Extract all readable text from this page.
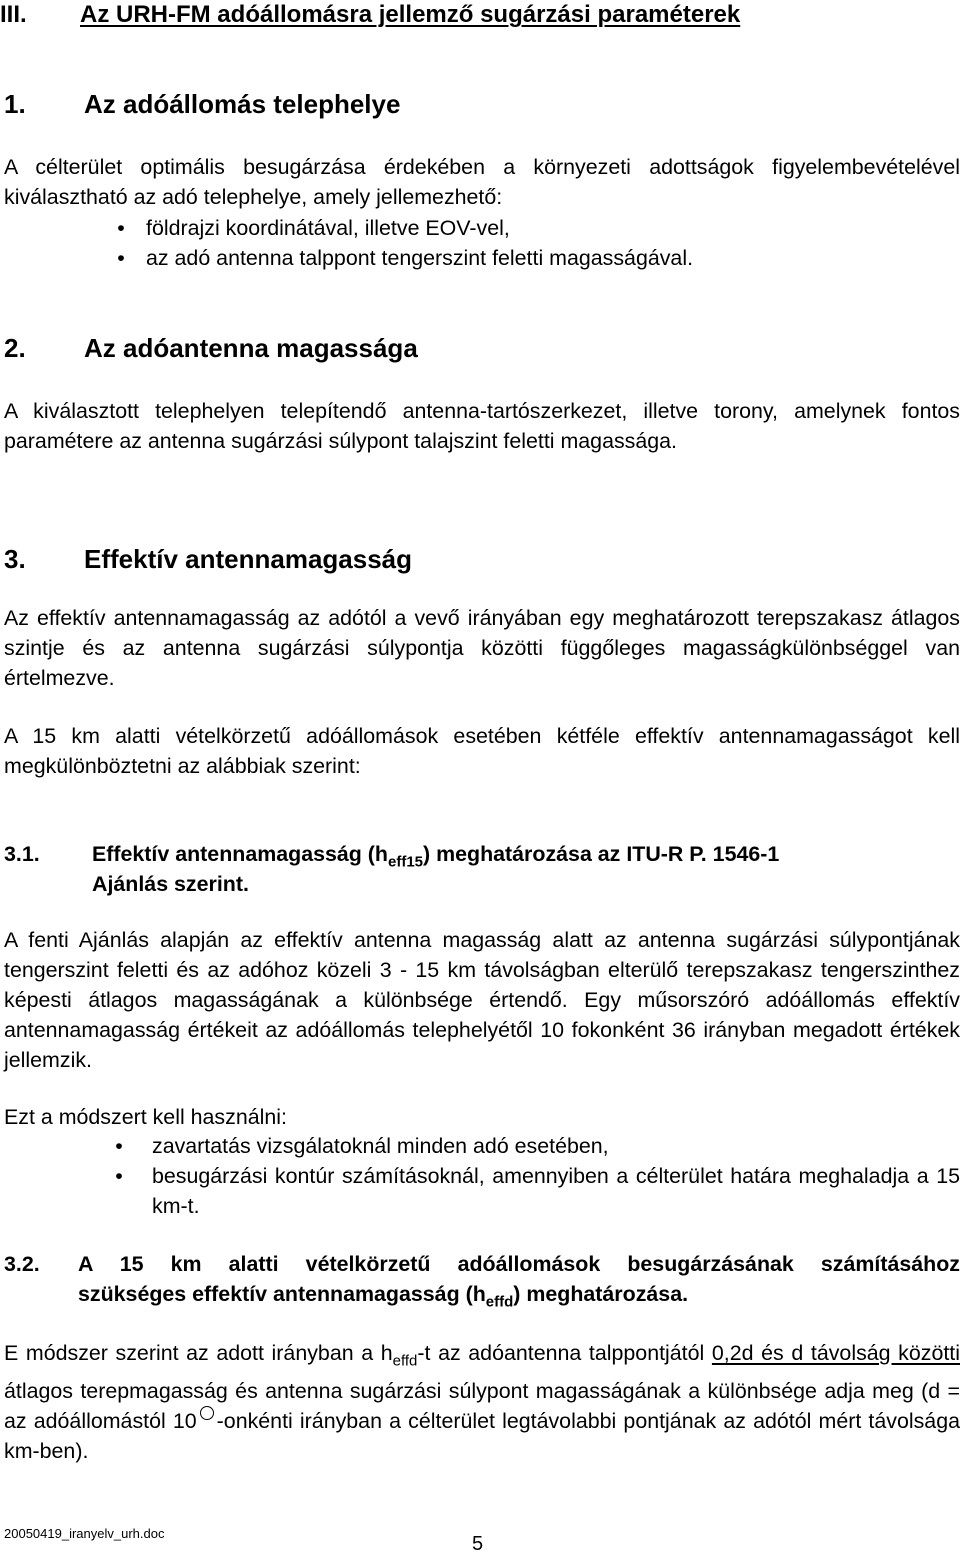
III. Az URH-FM adóállomásra jellemző sugárzási paraméterek
1. Az adóállomás telephelye
A célterület optimális besugárzása érdekében a környezeti adottságok figyelembevételével kiválasztható az adó telephelye, amely jellemezhető:
• földrajzi koordinátával, illetve EOV-vel,
• az adó antenna talppont tengerszint feletti magasságával.
2. Az adóantenna magassága
A kiválasztott telephelyen telepítendő antenna-tartószerkezet, illetve torony, amelynek fontos paramétere az antenna sugárzási súlypont talajszint feletti magassága.
3. Effektív antennamagasság
Az effektív antennamagasság az adótól a vevő irányában egy meghatározott terepszakasz átlagos szintje és az antenna sugárzási súlypontja közötti függőleges magasságkülönbséggel van értelmezve.
A 15 km alatti vételkörzetű adóállomások esetében kétféle effektív antennamagasságot kell megkülönböztetni az alábbiak szerint:
3.1. Effektív antennamagasság $(h_{eff15})$ meghatározása az ITU-R P. 1546-1
Ajánlás szerint.
A fenti Ajánlás alapján az effektív antenna magasság alatt az antenna sugárzási súlypontjának tengerszint feletti és az adóhoz közeli 3 - 15 km távolságban elterülő terepszakasz tengerszinthez képesti átlagos magasságának a különbsége értendő. Egy műsorszóró adóállomás effektív antennamagasság értékeit az adóállomás telephelyétől 10 fokonként 36 irányban megadott értékek jellemzik.
Ezt a módszert kell használni:
•	zavartatás vizsgálatoknál minden adó esetében,
•	besugárzási kontúr számításoknál, amennyiben a célterület határa meghaladja a 15 km-t.
3.2. A 15 km alatti vételkörzetű adóállomások besugárzásának számításához
szükséges effektív antennamagasság $(h_{effd})$ meghatározása.
E módszer szerint az adott irányban a $h_{effd}-t$ az adóantenna talppontjától 0,2d és d távolság közötti átlagos terepmagasság és antenna sugárzási súlypont magasságának a különbsége adja meg (d = az adóállomástól 10 -onkénti irányban a célterület legtávolabbi pontjának az adótól mért távolsága km-ben).
20050419_iranyelv_urh.doc	5
